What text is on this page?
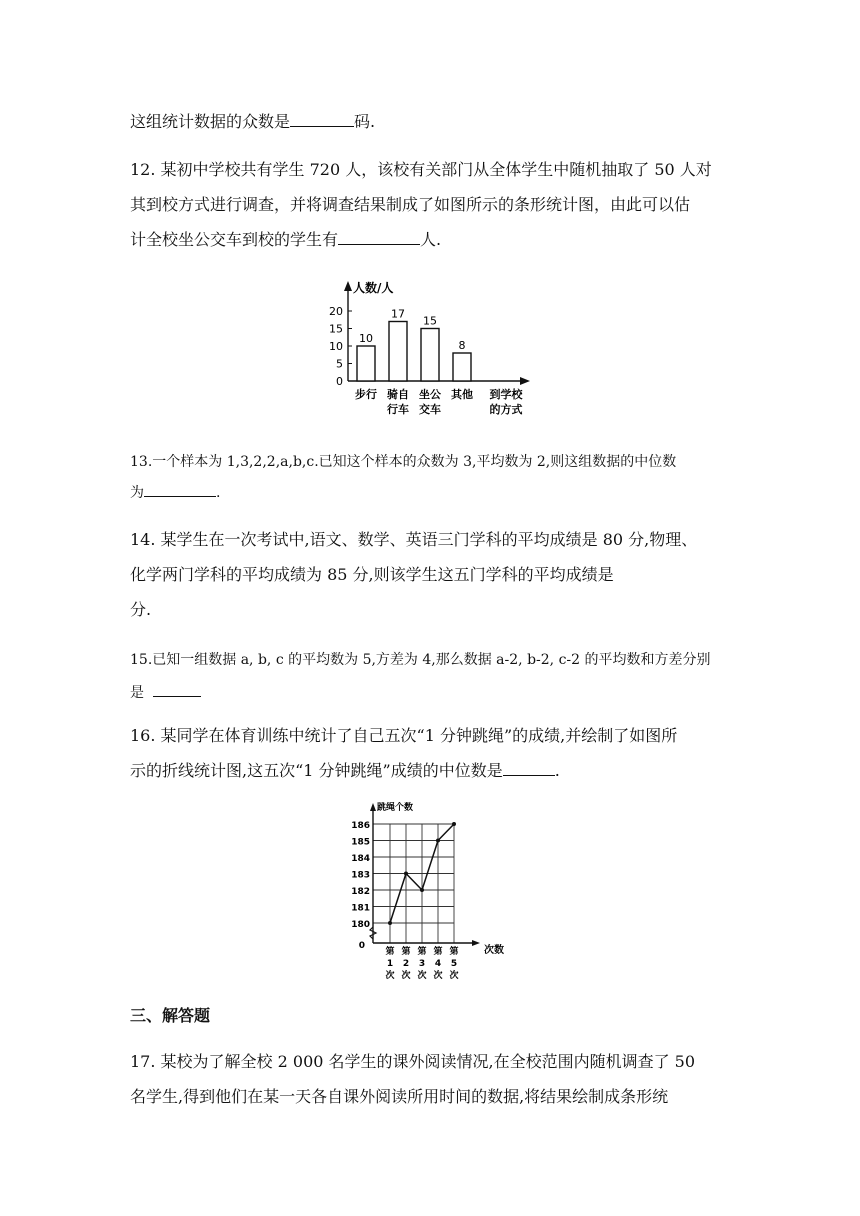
这组统计数据的众数是	码.
12. 某初中学校共有学生 720 人，该校有关部门从全体学生中随机抽取了 50 人对
其到校方式进行调查，并将调查结果制成了如图所示的条形统计图，由此可以估
计全校坐公交车到校的学生有	人.
人数/人
0
5
10
15
20
10
步行
17
骑自
行车
15
坐公
交车
8
其他 到学校
的方式
13.一个样本为 1,3,2,2,a,b,c.已知这个样本的众数为 3,平均数为 2,则这组数据的中位数
为	.
14. 某学生在一次考试中,语文、数学、英语三门学科的平均成绩是 80 分,物理、
化学两门学科的平均成绩为 85 分,则该学生这五门学科的平均成绩是
分.
15.已知一组数据 a, b, c 的平均数为 5,方差为 4,那么数据 a-2, b-2, c-2 的平均数和方差分别
是
16. 某同学在体育训练中统计了自己五次“1 分钟跳绳”的成绩,并绘制了如图所
示的折线统计图,这五次“1 分钟跳绳”成绩的中位数是	.
180
181
182
183
184
185
186
0
跳绳个数
次数
第
1
次
第
2
次
第
3
次
第
4
次
第
5
次
三、解答题
17. 某校为了解全校 2 000 名学生的课外阅读情况,在全校范围内随机调查了 50
名学生,得到他们在某一天各自课外阅读所用时间的数据,将结果绘制成条形统
